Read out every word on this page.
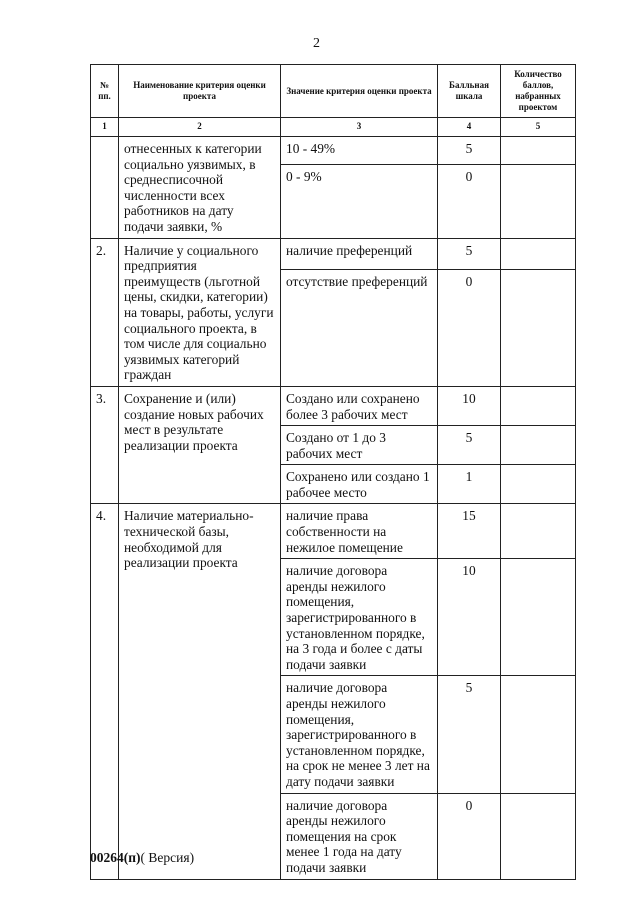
2
№ пп.	Наименование критерия оценки проекта	Значение критерия оценки проекта	Балльная шкала	Количество баллов, набранных проектом
1	2	3	4	5
	отнесенных к категории социально уязвимых, в среднесписочной численности всех работников на дату подачи заявки, %	10 - 49%	5	
		0 - 9%	0	
2.	Наличие у социального предприятия преимуществ (льготной цены, скидки, категории) на товары, работы, услуги социального проекта, в том числе для социально уязвимых категорий граждан	наличие преференций	5	
		отсутствие преференций	0	
3.	Сохранение и (или) создание новых рабочих мест в результате реализации проекта	Создано или сохранено более 3 рабочих мест	10	
		Создано от 1 до 3 рабочих мест	5	
		Сохранено или создано 1 рабочее место	1	
4.	Наличие материально-технической базы, необходимой для реализации проекта	наличие права собственности на нежилое помещение	15	
		наличие договора аренды нежилого помещения, зарегистрированного в установленном порядке, на 3 года и более с даты подачи заявки	10	
		наличие договора аренды нежилого помещения, зарегистрированного в установленном порядке, на срок не менее 3 лет на дату подачи заявки	5	
		наличие договора аренды нежилого помещения на срок менее 1 года на дату подачи заявки	0	
00264(п)( Версия)
